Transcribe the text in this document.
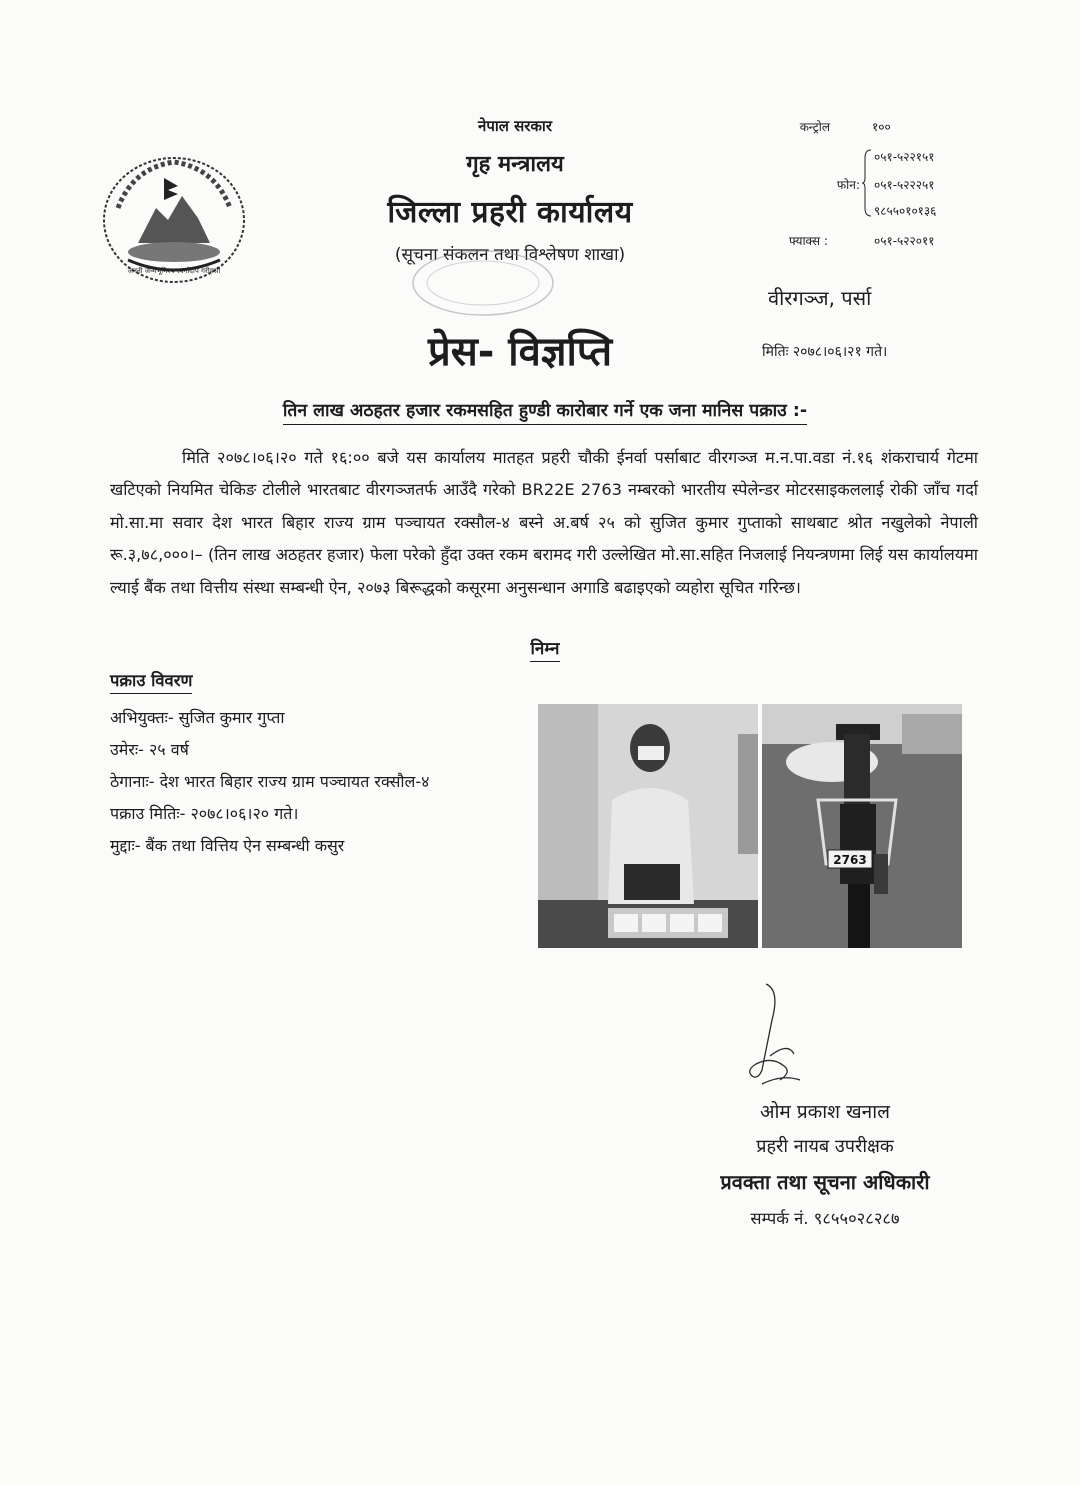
जननी जन्मभूमिश्च स्वर्गादपि गरीयसी
नेपाल सरकार
गृह मन्त्रालय
जिल्ला प्रहरी कार्यालय
(सूचना संकलन तथा विश्लेषण शाखा)
प्रेस- विज्ञप्ति
कन्ट्रोल	१००
फोन:
०५१-५२२१५१
०५१-५२२२५१
९८५५०१०१३६
फ्याक्स :	०५१-५२२०११
वीरगञ्ज, पर्सा
मितिः २०७८।०६।२१ गते।
तिन लाख अठहतर हजार रकमसहित हुण्डी कारोबार गर्ने एक जना मानिस पक्राउ :-
मिति २०७८।०६।२० गते १६:०० बजे यस कार्यालय मातहत प्रहरी चौकी ईनर्वा पर्साबाट वीरगञ्ज म.न.पा.वडा नं.१६ शंकराचार्य गेटमा खटिएको नियमित चेकिङ टोलीले भारतबाट वीरगञ्जतर्फ आउँदै गरेको BR22E 2763 नम्बरको भारतीय स्पेलेन्डर मोटरसाइकललाई रोकी जाँच गर्दा मो.सा.मा सवार देश भारत बिहार राज्य ग्राम पञ्चायत रक्सौल-४ बस्ने अ.बर्ष २५ को सुजित कुमार गुप्ताको साथबाट श्रोत नखुलेको नेपाली रू.३,७८,०००।– (तिन लाख अठहतर हजार) फेला परेको हुँदा उक्त रकम बरामद गरी उल्लेखित मो.सा.सहित निजलाई नियन्त्रणमा लिई यस कार्यालयमा ल्याई बैंक तथा वित्तीय संस्था सम्बन्धी ऐन, २०७३ बिरूद्धको कसूरमा अनुसन्धान अगाडि बढाइएको व्यहोरा सूचित गरिन्छ।
निम्न
पक्राउ विवरण
अभियुक्तः- सुजित कुमार गुप्ता
उमेरः- २५ वर्ष
ठेगानाः- देश भारत बिहार राज्य ग्राम पञ्चायत रक्सौल-४
पक्राउ मितिः- २०७८।०६।२० गते।
मुद्दाः- बैंक तथा वित्तिय ऐन सम्बन्धी कसुर
2763
ओम प्रकाश खनाल
प्रहरी नायब उपरीक्षक
प्रवक्ता तथा सूचना अधिकारी
सम्पर्क नं. ९८५५०२८२८७
